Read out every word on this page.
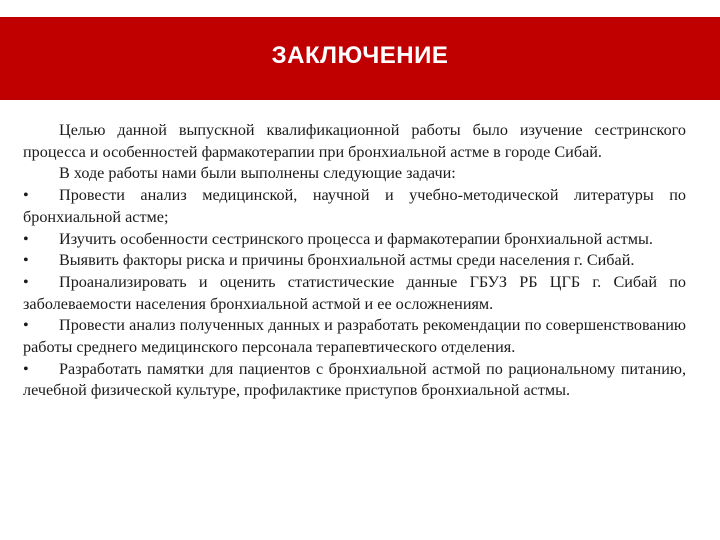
ЗАКЛЮЧЕНИЕ

Целью данной выпускной квалификационной работы было изучение сестринского процесса и особенностей фармакотерапии при бронхиальной астме в городе Сибай.

В ходе работы нами были выполнены следующие задачи:

• Провести анализ медицинской, научной и учебно-методической литературы по бронхиальной астме;

• Изучить особенности сестринского процесса и фармакотерапии бронхиальной астмы.

• Выявить факторы риска и причины бронхиальной астмы среди населения г. Сибай.

• Проанализировать и оценить статистические данные ГБУЗ РБ ЦГБ г. Сибай по заболеваемости населения бронхиальной астмой и ее осложнениям.

• Провести анализ полученных данных и разработать рекомендации по совершенствованию работы среднего медицинского персонала терапевтического отделения.

• Разработать памятки для пациентов с бронхиальной астмой по рациональному питанию, лечебной физической культуре, профилактике приступов бронхиальной астмы.
